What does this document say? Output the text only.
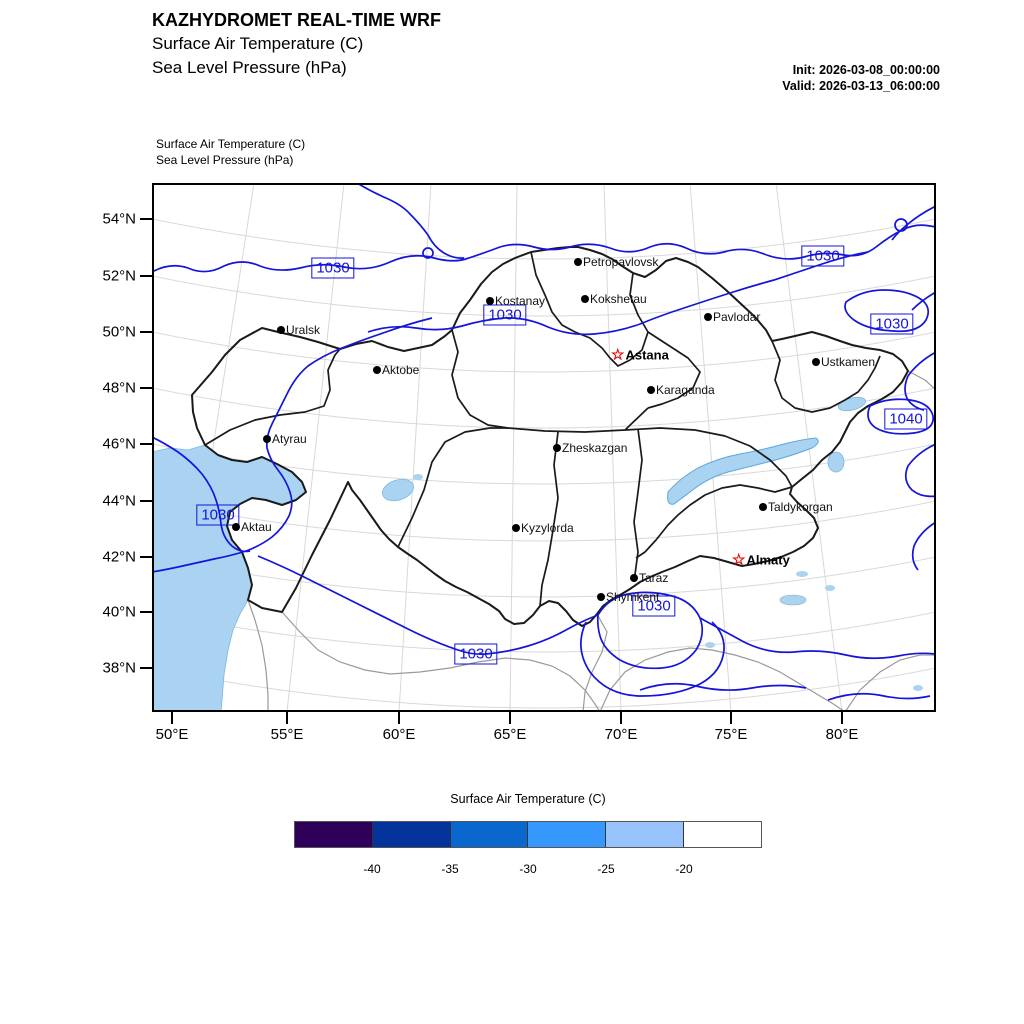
KAZHYDROMET REAL-TIME WRF
Surface Air Temperature (C)
Sea Level Pressure (hPa)	Init: 2026-03-08_00:00:00
Valid: 2026-03-13_06:00:00
Surface Air Temperature (C)
Sea Level Pressure (hPa)
54°N
52°N
50°N
48°N
46°N
44°N
42°N
40°N
38°N
50°E	55°E	60°E	65°E	70°E	75°E	80°E
Petropavlovsk
Kostanay	Kokshetau
Pavlodar
Uralsk
☆ Astana	Ustkamen
Aktobe
Karaganda
Atyrau
Zheskazgan
Taldykorgan
Aktau	Kyzylorda
☆ Almaty
Taraz
Shymkent
1030
1030
1030
1030
1040
1030
1030
1030
Surface Air Temperature (C)
-40	-35	-30	-25	-20
